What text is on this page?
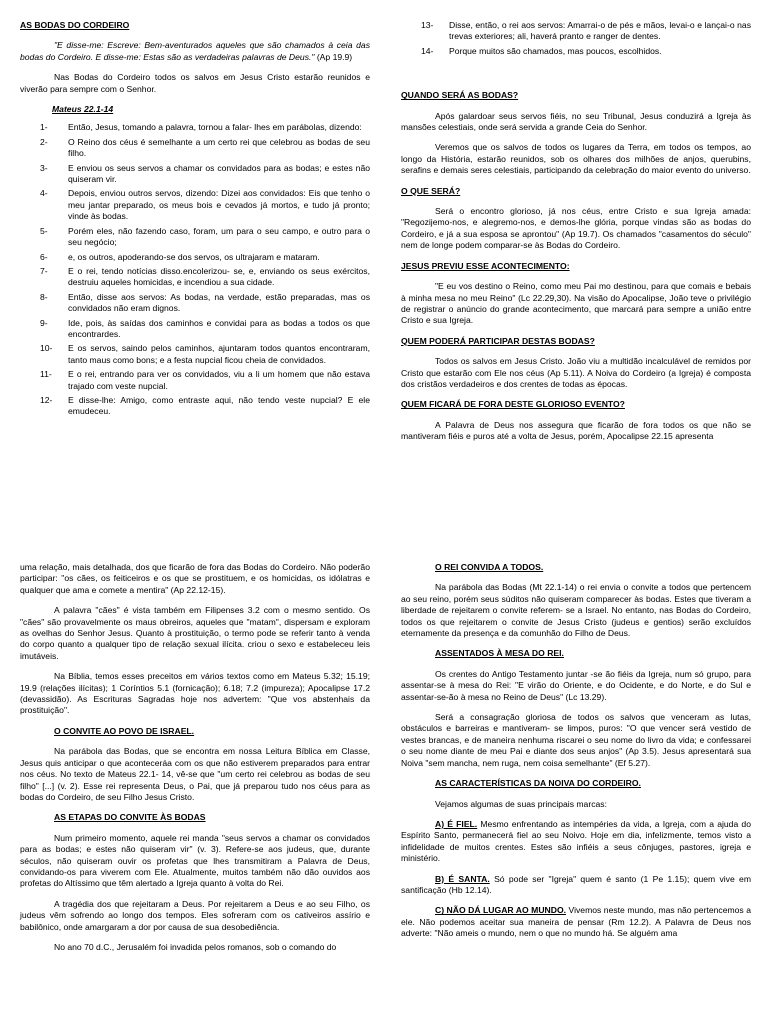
AS BODAS DO CORDEIRO

"E disse-me: Escreve: Bem-aventurados aqueles que são chamados à ceia das bodas do Cordeiro. E disse-me: Estas são as verdadeiras palavras de Deus." (Ap 19.9)

Nas Bodas do Cordeiro todos os salvos em Jesus Cristo estarão reunidos e viverão para sempre com o Senhor.

Mateus 22.1-14
1-	Então, Jesus, tomando a palavra, tornou a falar- lhes em parábolas, dizendo:
2-	O Reino dos céus é semelhante a um certo rei que celebrou as bodas de seu filho.
3-	E enviou os seus servos a chamar os convidados para as bodas; e estes não quiseram vir.
4-	Depois, enviou outros servos, dizendo: Dizei aos convidados: Eis que tenho o meu jantar preparado, os meus bois e cevados já mortos, e tudo já pronto; vinde às bodas.
5-	Porém eles, não fazendo caso, foram, um para o seu campo, e outro para o seu negócio;
6-	e, os outros, apoderando-se dos servos, os ultrajaram e mataram.
7-	E o rei, tendo notícias disso.encolerizou- se, e, enviando os seus exércitos, destruiu aqueles homicidas, e incendiou a sua cidade.
8-	Então, disse aos servos: As bodas, na verdade, estão preparadas, mas os convidados não eram dignos.
9-	Ide, pois, às saídas dos caminhos e convidai para as bodas a todos os que encontrardes.
10-	E os servos, saindo pelos caminhos, ajuntaram todos quantos encontraram, tanto maus como bons; e a festa nupcial ficou cheia de convidados.
11-	E o rei, entrando para ver os convidados, viu a li um homem que não estava trajado com veste nupcial.
12-	E disse-lhe: Amigo, como entraste aqui, não tendo veste nupcial? E ele emudeceu.
13-	Disse, então, o rei aos servos: Amarrai-o de pés e mãos, levai-o e lançai-o nas trevas exteriores; ali, haverá pranto e ranger de dentes.
14-	Porque muitos são chamados, mas poucos, escolhidos.
QUANDO SERÁ AS BODAS?

Após galardoar seus servos fiéis, no seu Tribunal, Jesus conduzirá a Igreja às mansões celestiais, onde será servida a grande Ceia do Senhor.

Veremos que os salvos de todos os lugares da Terra, em todos os tempos, ao longo da História, estarão reunidos, sob os olhares dos milhões de anjos, querubins, serafins e demais seres celestiais, participando da celebração do maior evento do universo.

O QUE SERÁ?

Será o encontro glorioso, já nos céus, entre Cristo e sua Igreja amada: "Regozijemo-nos, e alegremo-nos, e demos-lhe glória, porque vindas são as bodas do Cordeiro, e já a sua esposa se aprontou" (Ap 19.7). Os chamados "casamentos do século" nem de longe podem comparar-se às Bodas do Cordeiro.

JESUS PREVIU ESSE ACONTECIMENTO:

"E eu vos destino o Reino, como meu Pai mo destinou, para que comais e bebais à minha mesa no meu Reino" (Lc 22.29,30). Na visão do Apocalipse, João teve o privilégio de registrar o anúncio do grande acontecimento, que marcará para sempre a união entre Cristo e sua Igreja.

QUEM PODERÁ PARTICIPAR DESTAS BODAS?

Todos os salvos em Jesus Cristo. João viu a multidão incalculável de remidos por Cristo que estarão com Ele nos céus (Ap 5.11). A Noiva do Cordeiro (a Igreja) é composta dos cristãos verdadeiros e dos crentes de todas as épocas.

QUEM FICARÁ DE FORA DESTE GLORIOSO EVENTO?

A Palavra de Deus nos assegura que ficarão de fora todos os que não se mantiveram fiéis e puros até a volta de Jesus, porém, Apocalipse 22.15 apresenta

uma relação, mais detalhada, dos que ficarão de fora das Bodas do Cordeiro. Não poderão participar: "os cães, os feiticeiros e os que se prostituem, e os homicidas, os idólatras e qualquer que ama e comete a mentira" (Ap 22.12-15).

A palavra "cães" é vista também em Filipenses 3.2 com o mesmo sentido. Os "cães" são provavelmente os maus obreiros, aqueles que "matam", dispersam e exploram as ovelhas do Senhor Jesus. Quanto à prostituição, o termo pode se referir tanto à venda do corpo quanto a qualquer tipo de relação sexual ilícita. criou o sexo e estabeleceu leis imutáveis.

Na Bíblia, temos esses preceitos em vários textos como em Mateus 5.32; 15.19; 19.9 (relações ilícitas); 1 Coríntios 5.1 (fornicação); 6.18; 7.2 (impureza); Apocalipse 17.2 (devassidão). As Escrituras Sagradas hoje nos advertem: "Que vos abstenhais da prostituição".

O CONVITE AO POVO DE ISRAEL.

Na parábola das Bodas, que se encontra em nossa Leitura Bíblica em Classe, Jesus quis anticipar o que aconteceráa com os que não estiverem preparados para entrar nos céus. No texto de Mateus 22.1- 14, vê-se que "um certo rei celebrou as bodas de seu filho" [...] (v. 2). Esse rei representa Deus, o Pai, que já preparou tudo nos céus para as bodas do Cordeiro, de seu Filho Jesus Cristo.

AS ETAPAS DO CONVITE ÀS BODAS

Num primeiro momento, aquele rei manda "seus servos a chamar os convidados para as bodas; e estes não quiseram vir" (v. 3). Refere-se aos judeus, que, durante séculos, não quiseram ouvir os profetas que lhes transmitiram a Palavra de Deus, convidando-os para viverem com Ele. Atualmente, muitos também não dão ouvidos aos profetas do Altíssimo que têm alertado a Igreja quanto à volta do Rei.

A tragédia dos que rejeitaram a Deus. Por rejeitarem a Deus e ao seu Filho, os judeus vêm sofrendo ao longo dos tempos. Eles sofreram com os cativeiros assírio e babilônico, onde amargaram a dor por causa de sua desobediência.

No ano 70 d.C., Jerusalém foi invadida pelos romanos, sob o comando do

O REI CONVIDA A TODOS.

Na parábola das Bodas (Mt 22.1-14) o rei envia o convite a todos que pertencem ao seu reino, porém seus súditos não quiseram comparecer às bodas. Estes que tiveram a liberdade de rejeitarem o convite referem- se a Israel. No entanto, nas Bodas do Cordeiro, todos os que rejeitarem o convite de Jesus Cristo (judeus e gentios) serão excluídos eternamente da presença e da comunhão do Filho de Deus.

ASSENTADOS À MESA DO REI.

Os crentes do Antigo Testamento juntar -se ão fiéis da Igreja, num só grupo, para assentar-se à mesa do Rei: "E virão do Oriente, e do Ocidente, e do Norte, e do Sul e assentar-se-ão à mesa no Reino de Deus" (Lc 13.29).

Será a consagração gloriosa de todos os salvos que venceram as lutas, obstáculos e barreiras e mantiveram- se limpos, puros: "O que vencer será vestido de vestes brancas, e de maneira nenhuma riscarei o seu nome do livro da vida; e confessarei o seu nome diante de meu Pai e diante dos seus anjos" (Ap 3.5). Jesus apresentará sua Noiva "sem mancha, nem ruga, nem coisa semelhante" (Ef 5.27).

AS CARACTERÍSTICAS DA NOIVA DO CORDEIRO.

Vejamos algumas de suas principais marcas:

A) É FIEL. Mesmo enfrentando as intempéries da vida, a Igreja, com a ajuda do Espírito Santo, permanecerá fiel ao seu Noivo. Hoje em dia, infelizmente, temos visto a infidelidade de muitos crentes. Estes são infiéis a seus cônjuges, pastores, igreja e ministério.

B) É SANTA. Só pode ser "Igreja" quem é santo (1 Pe 1.15); quem vive em santificação (Hb 12.14).

C) NÃO DÁ LUGAR AO MUNDO. Vivemos neste mundo, mas não pertencemos a ele. Não podemos aceitar sua maneira de pensar (Rm 12.2). A Palavra de Deus nos adverte: "Não ameis o mundo, nem o que no mundo há. Se alguém ama
